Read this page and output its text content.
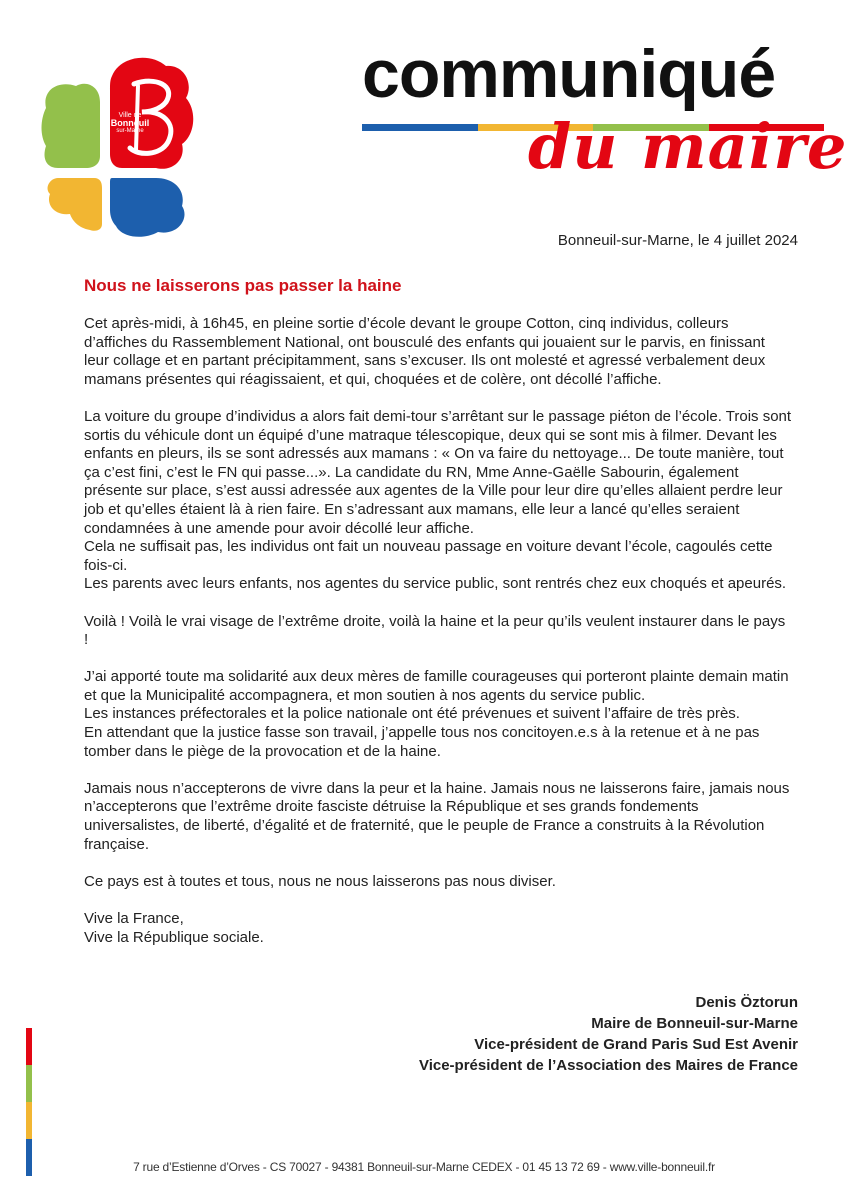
Ville de
Bonneuil
sur-Marne
communiqué
du maire
Bonneuil-sur-Marne, le 4 juillet 2024
Nous ne laisserons pas passer la haine

Cet après-midi, à 16h45, en pleine sortie d’école devant le groupe Cotton, cinq individus, colleurs d’affiches du Rassemblement National, ont bousculé des enfants qui jouaient sur le parvis, en finissant leur collage et en partant précipitamment, sans s’excuser. Ils ont molesté et agressé verbalement deux mamans présentes qui réagissaient, et qui, choquées et de colère, ont décollé l’affiche.

La voiture du groupe d’individus a alors fait demi-tour s’arrêtant sur le passage piéton de l’école. Trois sont sortis du véhicule dont un équipé d’une matraque télescopique, deux qui se sont mis à filmer. Devant les enfants en pleurs, ils se sont adressés aux mamans : « On va faire du nettoyage... De toute manière, tout ça c’est fini, c’est le FN qui passe...». La candidate du RN, Mme Anne-Gaëlle Sabourin, également présente sur place, s’est aussi adressée aux agentes de la Ville pour leur dire qu’elles allaient perdre leur job et qu’elles étaient là à rien faire. En s’adressant aux mamans, elle leur a lancé qu’elles seraient condamnées à une amende pour avoir décollé leur affiche.

Cela ne suffisait pas, les individus ont fait un nouveau passage en voiture devant l’école, cagoulés cette fois-ci.

Les parents avec leurs enfants, nos agentes du service public, sont rentrés chez eux choqués et apeurés.

Voilà ! Voilà le vrai visage de l’extrême droite, voilà la haine et la peur qu’ils veulent instaurer dans le pays !

J’ai apporté toute ma solidarité aux deux mères de famille courageuses qui porteront plainte demain matin et que la Municipalité accompagnera, et mon soutien à nos agents du service public.

Les instances préfectorales et la police nationale ont été prévenues et suivent l’affaire de très près.

En attendant que la justice fasse son travail, j’appelle tous nos concitoyen.e.s à la retenue et à ne pas tomber dans le piège de la provocation et de la haine.

Jamais nous n’accepterons de vivre dans la peur et la haine. Jamais nous ne laisserons faire, jamais nous n’accepterons que l’extrême droite fasciste détruise la République et ses grands fondements universalistes, de liberté, d’égalité et de fraternité, que le peuple de France a construits à la Révolution française.

Ce pays est à toutes et tous, nous ne nous laisserons pas nous diviser.

Vive la France,

Vive la République sociale.

Denis Öztorun
Maire de Bonneuil-sur-Marne
Vice-président de Grand Paris Sud Est Avenir
Vice-président de l’Association des Maires de France
7 rue d’Estienne d’Orves - CS 70027 - 94381 Bonneuil-sur-Marne CEDEX - 01 45 13 72 69 - www.ville-bonneuil.fr
